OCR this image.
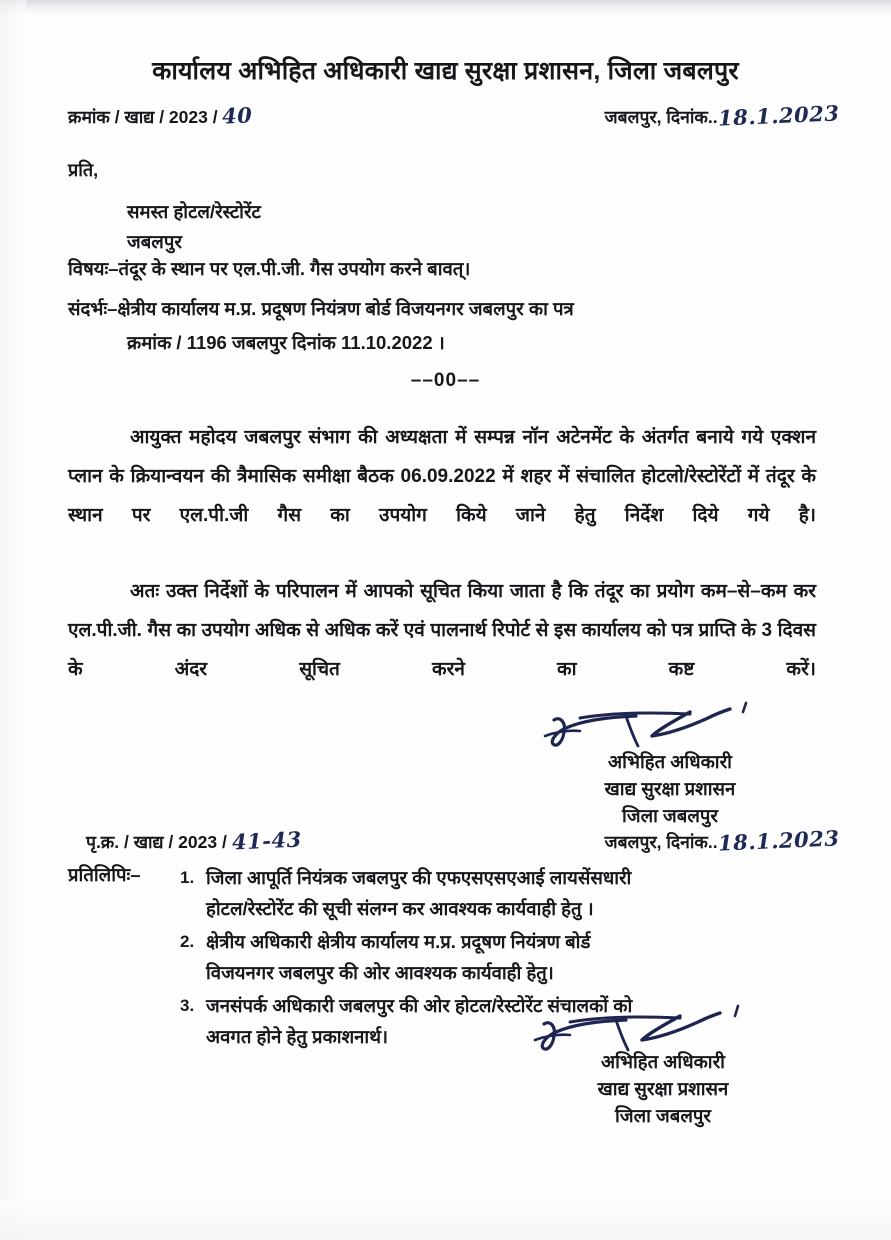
कार्यालय अभिहित अधिकारी खाद्य सुरक्षा प्रशासन, जिला जबलपुर
क्रमांक / खाद्य / 2023 / 40	जबलपुर, दिनांक..18.1.2023
प्रति,
समस्त होटल/रेस्टोरेंट
जबलपुर
विषयः–तंदूर के स्थान पर एल.पी.जी. गैस उपयोग करने बावत्।
संदर्भः–क्षेत्रीय कार्यालय म.प्र. प्रदूषण नियंत्रण बोर्ड विजयनगर जबलपुर का पत्र
क्रमांक / 1196 जबलपुर दिनांक 11.10.2022 ।
––00––
आयुक्त महोदय जबलपुर संभाग की अध्यक्षता में सम्पन्न नॉन अटेनमेंट के अंतर्गत बनाये गये एक्शन प्लान के क्रियान्वयन की त्रैमासिक समीक्षा बैठक 06.09.2022 में शहर में संचालित होटलो/रेस्टोरेंटों में तंदूर के स्थान पर एल.पी.जी गैस का उपयोग किये जाने हेतु निर्देश दिये गये है।
अतः उक्त निर्देशों के परिपालन में आपको सूचित किया जाता है कि तंदूर का प्रयोग कम–से–कम कर एल.पी.जी. गैस का उपयोग अधिक से अधिक करें एवं पालनार्थ रिपोर्ट से इस कार्यालय को पत्र प्राप्ति के 3 दिवस के अंदर सूचित करने का कष्ट करें।
अभिहित अधिकारी
खाद्य सुरक्षा प्रशासन
जिला जबलपुर
पृ.क्र. / खाद्य / 2023 / 41-43	जबलपुर, दिनांक..18.1.2023
प्रतिलिपिः– 1. जिला आपूर्ति नियंत्रक जबलपुर की एफएसएसएआई लायसेंसधारी
होटल/रेस्टोरेंट की सूची संलग्न कर आवश्यक कार्यवाही हेतु ।
2. क्षेत्रीय अधिकारी क्षेत्रीय कार्यालय म.प्र. प्रदूषण नियंत्रण बोर्ड
विजयनगर जबलपुर की ओर आवश्यक कार्यवाही हेतु।
3. जनसंपर्क अधिकारी जबलपुर की ओर होटल/रेस्टोरेंट संचालकों को
अवगत होने हेतु प्रकाशनार्थ।
अभिहित अधिकारी
खाद्य सुरक्षा प्रशासन
जिला जबलपुर
